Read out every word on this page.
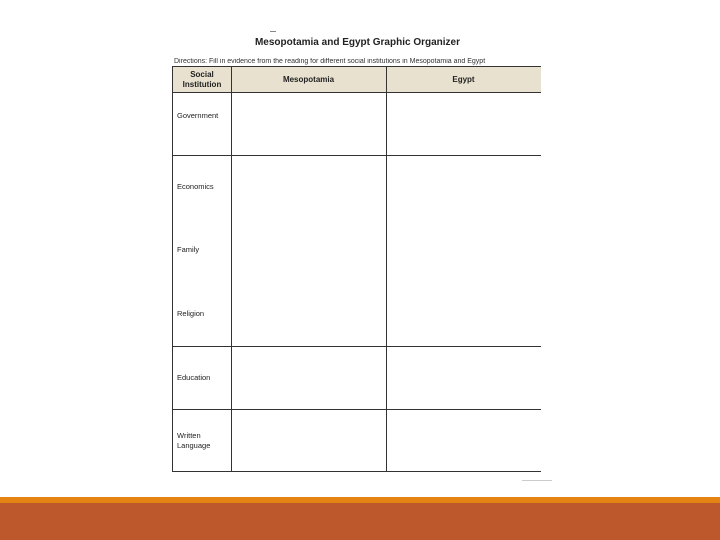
Mesopotamia and Egypt Graphic Organizer
Directions: Fill in evidence from the reading for different social institutions in Mesopotamia and Egypt
Social Institution
Mesopotamia	Egypt
Government
Economics
Family
Religion
Education
Written Language
